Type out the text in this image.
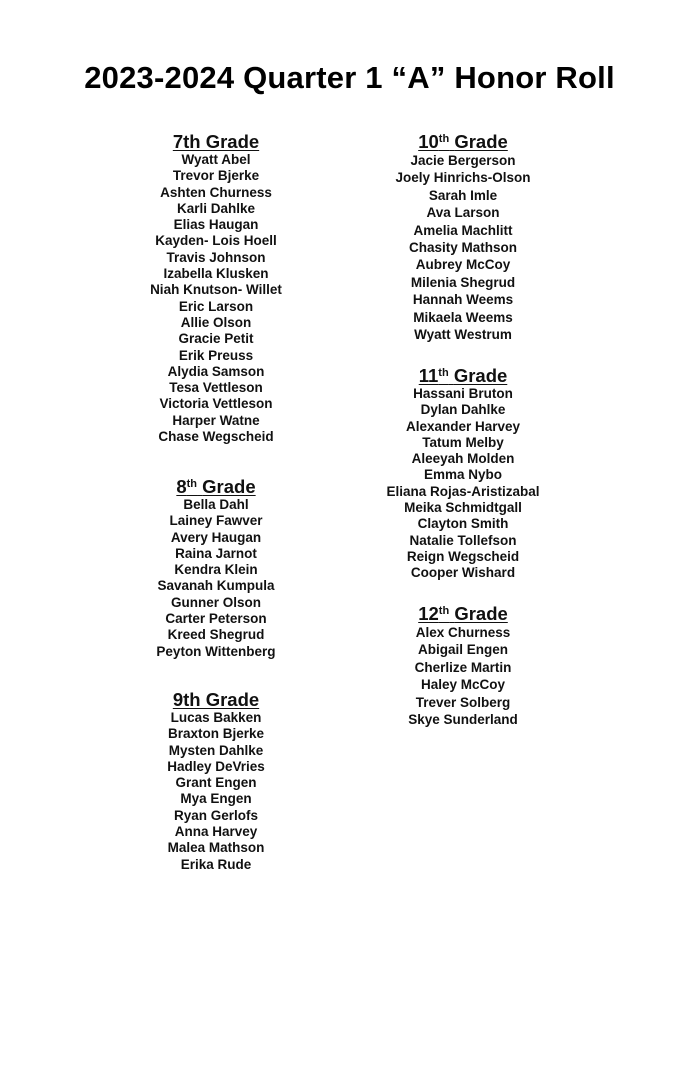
2023-2024 Quarter 1 “A” Honor Roll
7th Grade
Wyatt Abel
Trevor Bjerke
Ashten Churness
Karli Dahlke
Elias Haugan
Kayden- Lois Hoell
Travis Johnson
Izabella Klusken
Niah Knutson- Willet
Eric Larson
Allie Olson
Gracie Petit
Erik Preuss
Alydia Samson
Tesa Vettleson
Victoria Vettleson
Harper Watne
Chase Wegscheid
8th Grade
Bella Dahl
Lainey Fawver
Avery Haugan
Raina Jarnot
Kendra Klein
Savanah Kumpula
Gunner Olson
Carter Peterson
Kreed Shegrud
Peyton Wittenberg
9th Grade
Lucas Bakken
Braxton Bjerke
Mysten Dahlke
Hadley DeVries
Grant Engen
Mya Engen
Ryan Gerlofs
Anna Harvey
Malea Mathson
Erika Rude
10th Grade
Jacie Bergerson
Joely Hinrichs-Olson
Sarah Imle
Ava Larson
Amelia Machlitt
Chasity Mathson
Aubrey McCoy
Milenia Shegrud
Hannah Weems
Mikaela Weems
Wyatt Westrum
11th Grade
Hassani Bruton
Dylan Dahlke
Alexander Harvey
Tatum Melby
Aleeyah Molden
Emma Nybo
Eliana Rojas-Aristizabal
Meika Schmidtgall
Clayton Smith
Natalie Tollefson
Reign Wegscheid
Cooper Wishard
12th Grade
Alex Churness
Abigail Engen
Cherlize Martin
Haley McCoy
Trever Solberg
Skye Sunderland
